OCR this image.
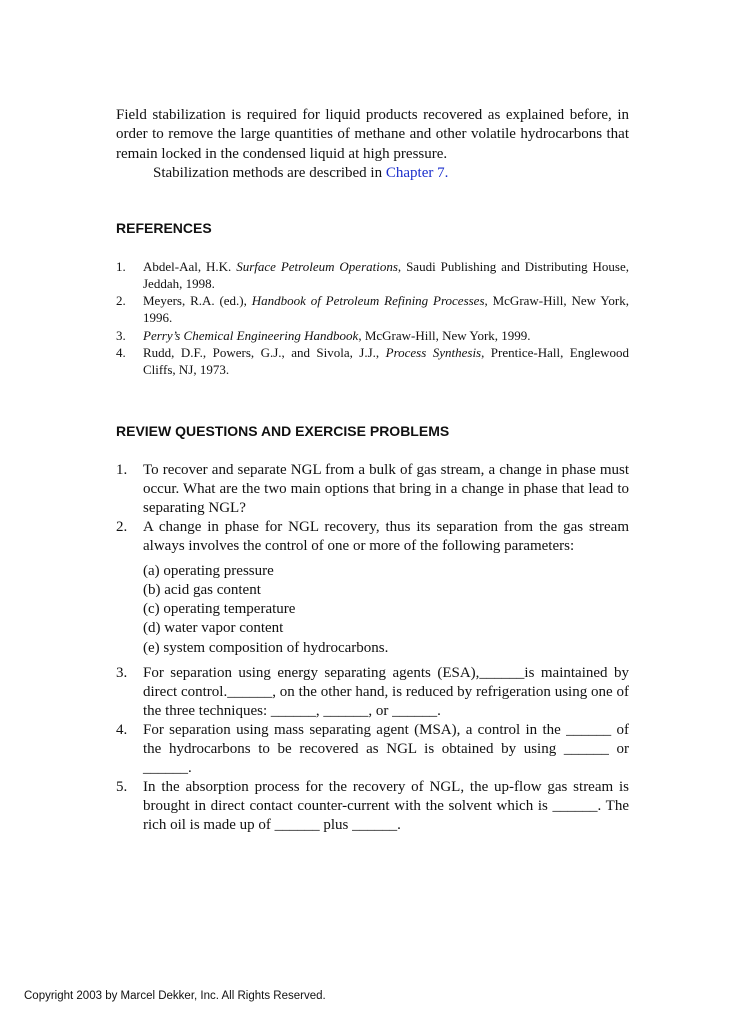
Field stabilization is required for liquid products recovered as explained before, in order to remove the large quantities of methane and other volatile hydrocarbons that remain locked in the condensed liquid at high pressure.

Stabilization methods are described in Chapter 7.

REFERENCES
1. Abdel-Aal, H.K. Surface Petroleum Operations, Saudi Publishing and Distributing House, Jeddah, 1998.
2. Meyers, R.A. (ed.), Handbook of Petroleum Refining Processes, McGraw-Hill, New York, 1996.
3. Perry’s Chemical Engineering Handbook, McGraw-Hill, New York, 1999.
4. Rudd, D.F., Powers, G.J., and Sivola, J.J., Process Synthesis, Prentice-Hall, Englewood Cliffs, NJ, 1973.
REVIEW QUESTIONS AND EXERCISE PROBLEMS
1. To recover and separate NGL from a bulk of gas stream, a change in phase must occur. What are the two main options that bring in a change in phase that lead to separating NGL?
2. A change in phase for NGL recovery, thus its separation from the gas stream always involves the control of one or more of the following parameters:
(a) operating pressure
(b) acid gas content
(c) operating temperature
(d) water vapor content
(e) system composition of hydrocarbons.
3. For separation using energy separating agents (ESA),______is maintained by direct control.______, on the other hand, is reduced by refrigeration using one of the three techniques: ______, ______, or ______.
4. For separation using mass separating agent (MSA), a control in the ______ of the hydrocarbons to be recovered as NGL is obtained by using ______ or ______.
5. In the absorption process for the recovery of NGL, the up-flow gas stream is brought in direct contact counter-current with the solvent which is ______. The rich oil is made up of ______ plus ______.
Copyright 2003 by Marcel Dekker, Inc. All Rights Reserved.
